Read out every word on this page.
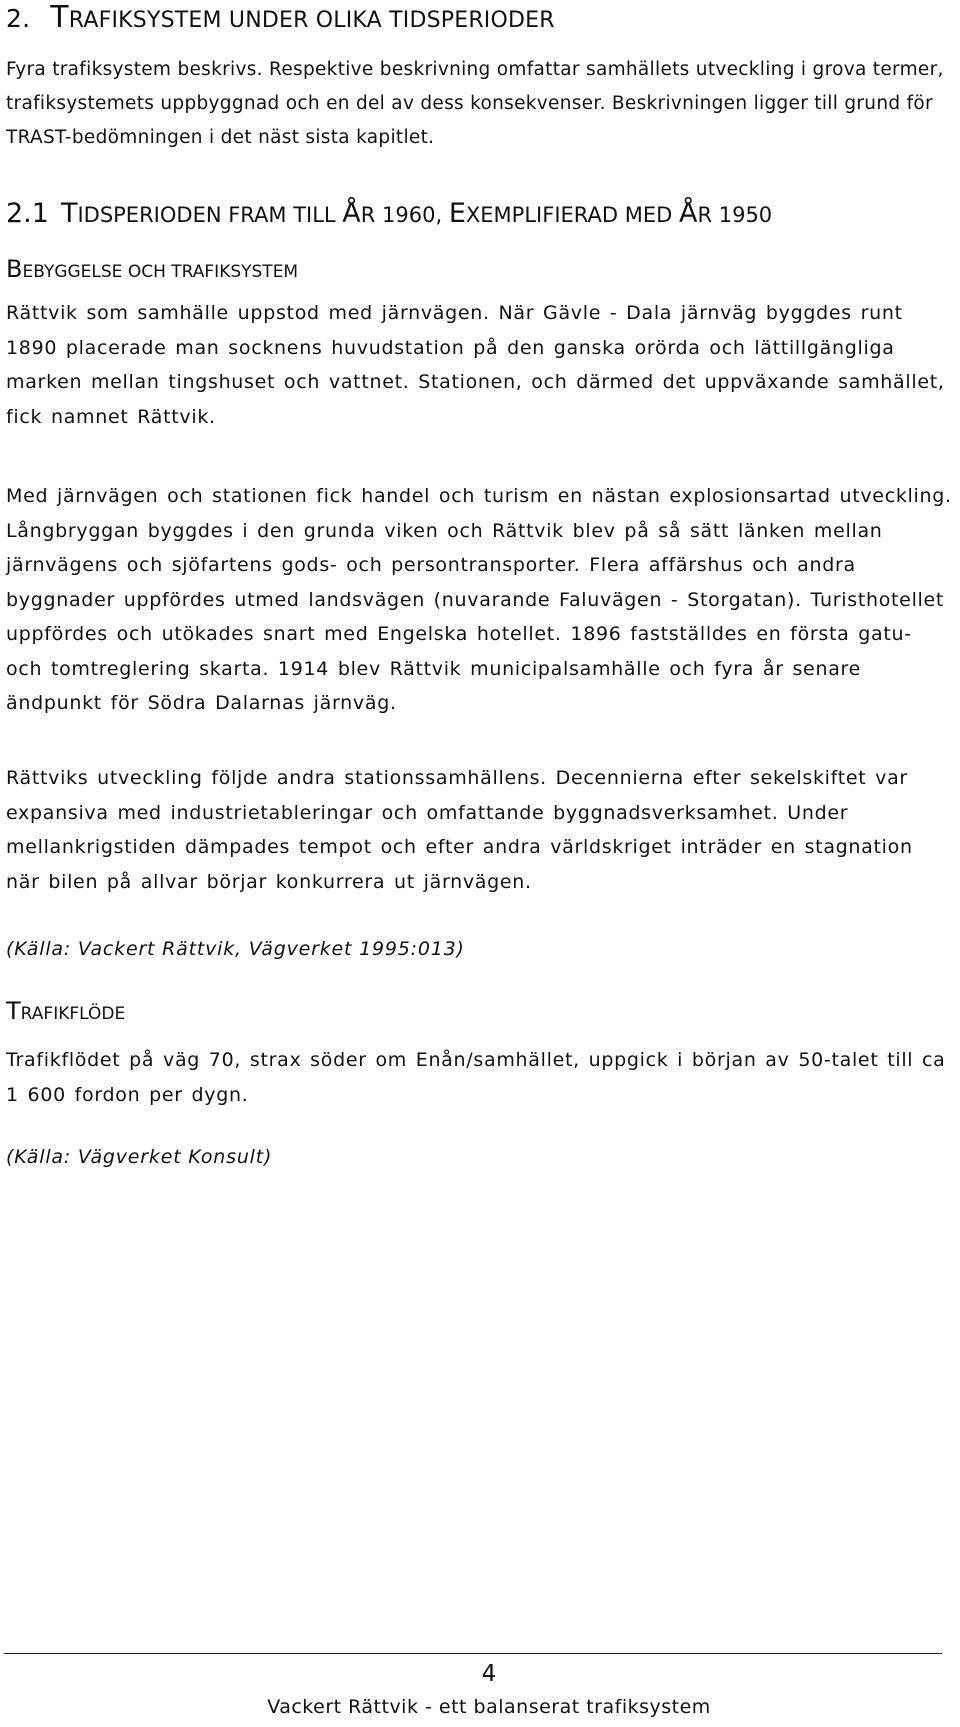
2. TRAFIKSYSTEM UNDER OLIKA TIDSPERIODER
Fyra trafiksystem beskrivs. Respektive beskrivning omfattar samhällets utveckling i grova termer, trafiksystemets uppbyggnad och en del av dess konsekvenser. Beskrivningen ligger till grund för TRAST-bedömningen i det näst sista kapitlet.
2.1 TIDSPERIODEN FRAM TILL ÅR 1960, EXEMPLIFIERAD MED ÅR 1950
BEBYGGELSE OCH TRAFIKSYSTEM
Rättvik som samhälle uppstod med järnvägen. När Gävle - Dala järnväg byggdes runt 1890 placerade man socknens huvudstation på den ganska orörda och lättillgängliga marken mellan tingshuset och vattnet. Stationen, och därmed det uppväxande samhället, fick namnet Rättvik.
Med järnvägen och stationen fick handel och turism en nästan explosionsartad utveckling. Långbryggan byggdes i den grunda viken och Rättvik blev på så sätt länken mellan järnvägens och sjöfartens gods- och persontransporter. Flera affärshus och andra byggnader uppfördes utmed landsvägen (nuvarande Faluvägen - Storgatan). Turisthotellet uppfördes och utökades snart med Engelska hotellet. 1896 fastställdes en första gatu- och tomtreglering skarta. 1914 blev Rättvik municipalsamhälle och fyra år senare ändpunkt för Södra Dalarnas järnväg.
Rättviks utveckling följde andra stationssamhällens. Decennierna efter sekelskiftet var expansiva med industrietableringar och omfattande byggnadsverksamhet. Under mellankrigstiden dämpades tempot och efter andra världskriget inträder en stagnation när bilen på allvar börjar konkurrera ut järnvägen.
(Källa: Vackert Rättvik, Vägverket 1995:013)
TRAFIKFLÖDE
Trafikflödet på väg 70, strax söder om Enån/samhället, uppgick i början av 50-talet till ca 1 600 fordon per dygn.
(Källa: Vägverket Konsult)
4
Vackert Rättvik - ett balanserat trafiksystem
